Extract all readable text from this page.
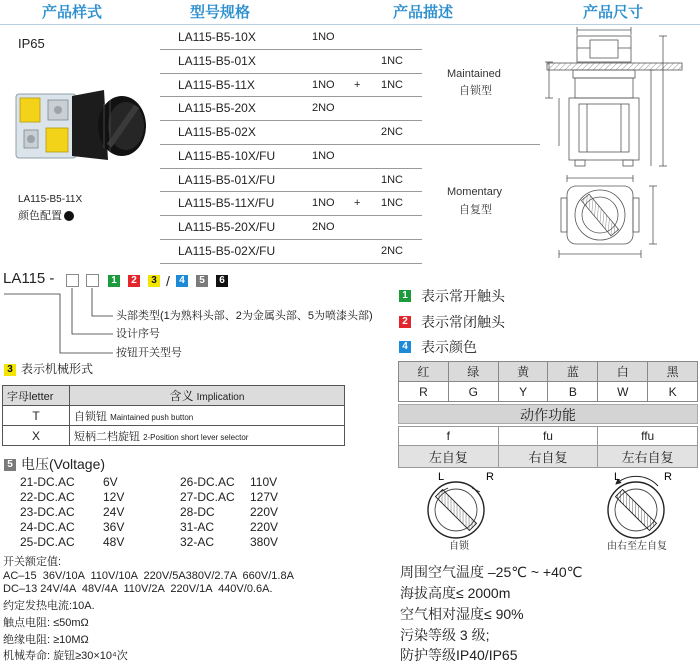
产品样式	型号规格	产品描述	产品尺寸
IP65
LA115-B5-11X
颜色配置
LA115-B5-10X	1NO
LA115-B5-01X	1NC
LA115-B5-11X	1NO + 1NC
LA115-B5-20X	2NO
LA115-B5-02X	2NC
LA115-B5-10X/FU	1NO
LA115-B5-01X/FU	1NC
LA115-B5-11X/FU	1NO + 1NC
LA115-B5-20X/FU	2NO
LA115-B5-02X/FU	2NC
Maintained
自锁型
Momentary
自复型
LA115 -	1	2	3 / 4	5	6
头部类型(1为熟料头部、2为金属头部、5为喷漆头部)
设计序号
按钮开关型号
3 表示机械形式
字母letter	含义 Implication
T	自锁钮 Maintained push button
X	短柄二档旋钮 2-Position short lever selector
5 电压(Voltage)
21-DC.AC 6V
22-DC.AC 12V
23-DC.AC 24V
24-DC.AC 36V
25-DC.AC 48V
26-DC.AC 110V
27-DC.AC 127V
28-DC	220V
31-AC	220V
32-AC	380V
开关额定值:
AC–15  36V/10A  110V/10A  220V/5A380V/2.7A  660V/1.8A
DC–13 24V/4A  48V/4A  110V/2A  220V/1A  440V/0.6A.
约定发热电流:10A.
触点电阻: ≤50mΩ
绝缘电阻: ≥10MΩ
机械寿命: 旋钮≥30×10⁴次
1 表示常开触头
2 表示常闭触头
4 表示颜色
红	绿	黄	蓝	白	黑
R	G	Y	B	W	K
动作功能
f	fu	ffu
左自复	右自复	左右自复
L	R	L	R
自锁	由右至左自复
周围空气温度 –25℃ ~ +40℃
海拔高度≤ 2000m
空气相对湿度≤ 90%
污染等级 3 级;
防护等级IP40/IP65
